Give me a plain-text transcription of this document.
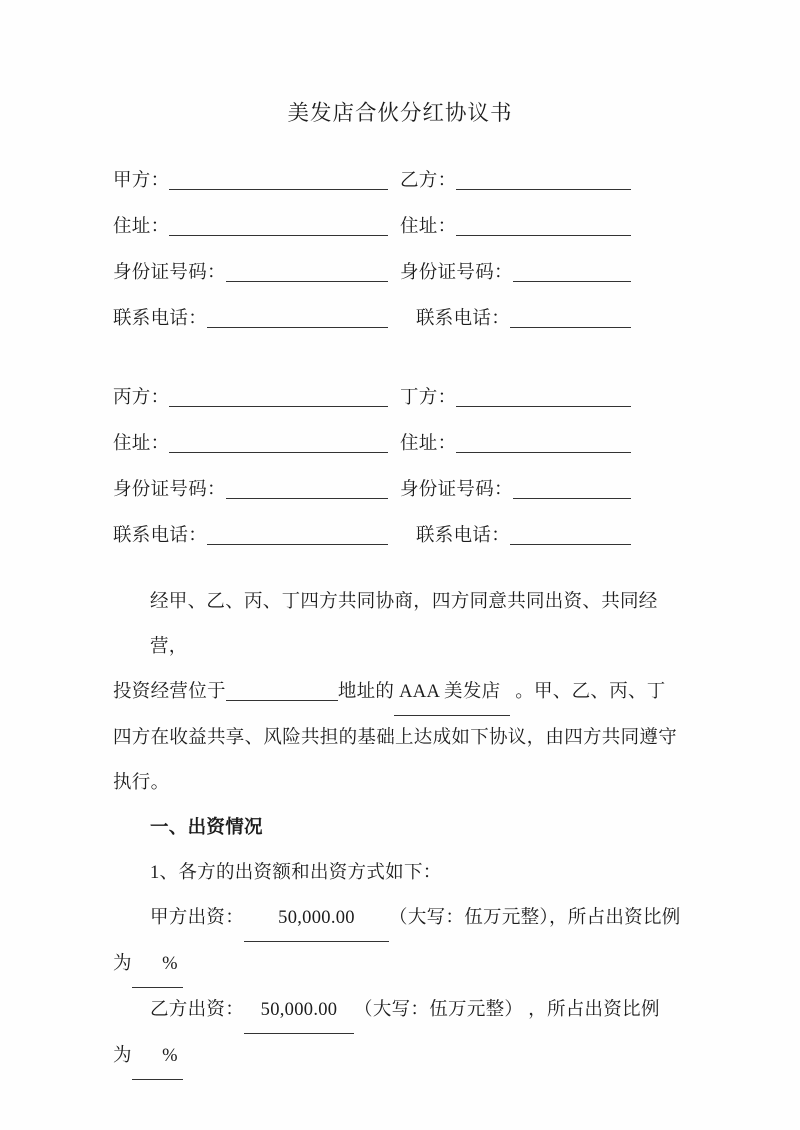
美发店合伙分红协议书
甲方：	乙方：
住址：	住址：
身份证号码：	身份证号码：
联系电话：	联系电话：
丙方：	丁方：
住址：	住址：
身份证号码：	身份证号码：
联系电话：	联系电话：

经甲、乙、丙、丁四方共同协商，四方同意共同出资、共同经营，

投资经营位于	地址的 AAA 美发店   。甲、乙、丙、丁

四方在收益共享、风险共担的基础上达成如下协议，由四方共同遵守

执行。

一、出资情况

1、各方的出资额和出资方式如下：

甲方出资： 50,000.00 （大写：伍万元整），所占出资比例

为 %

乙方出资： 50,000.00 （大写：伍万元整） ，所占出资比例

为 %
